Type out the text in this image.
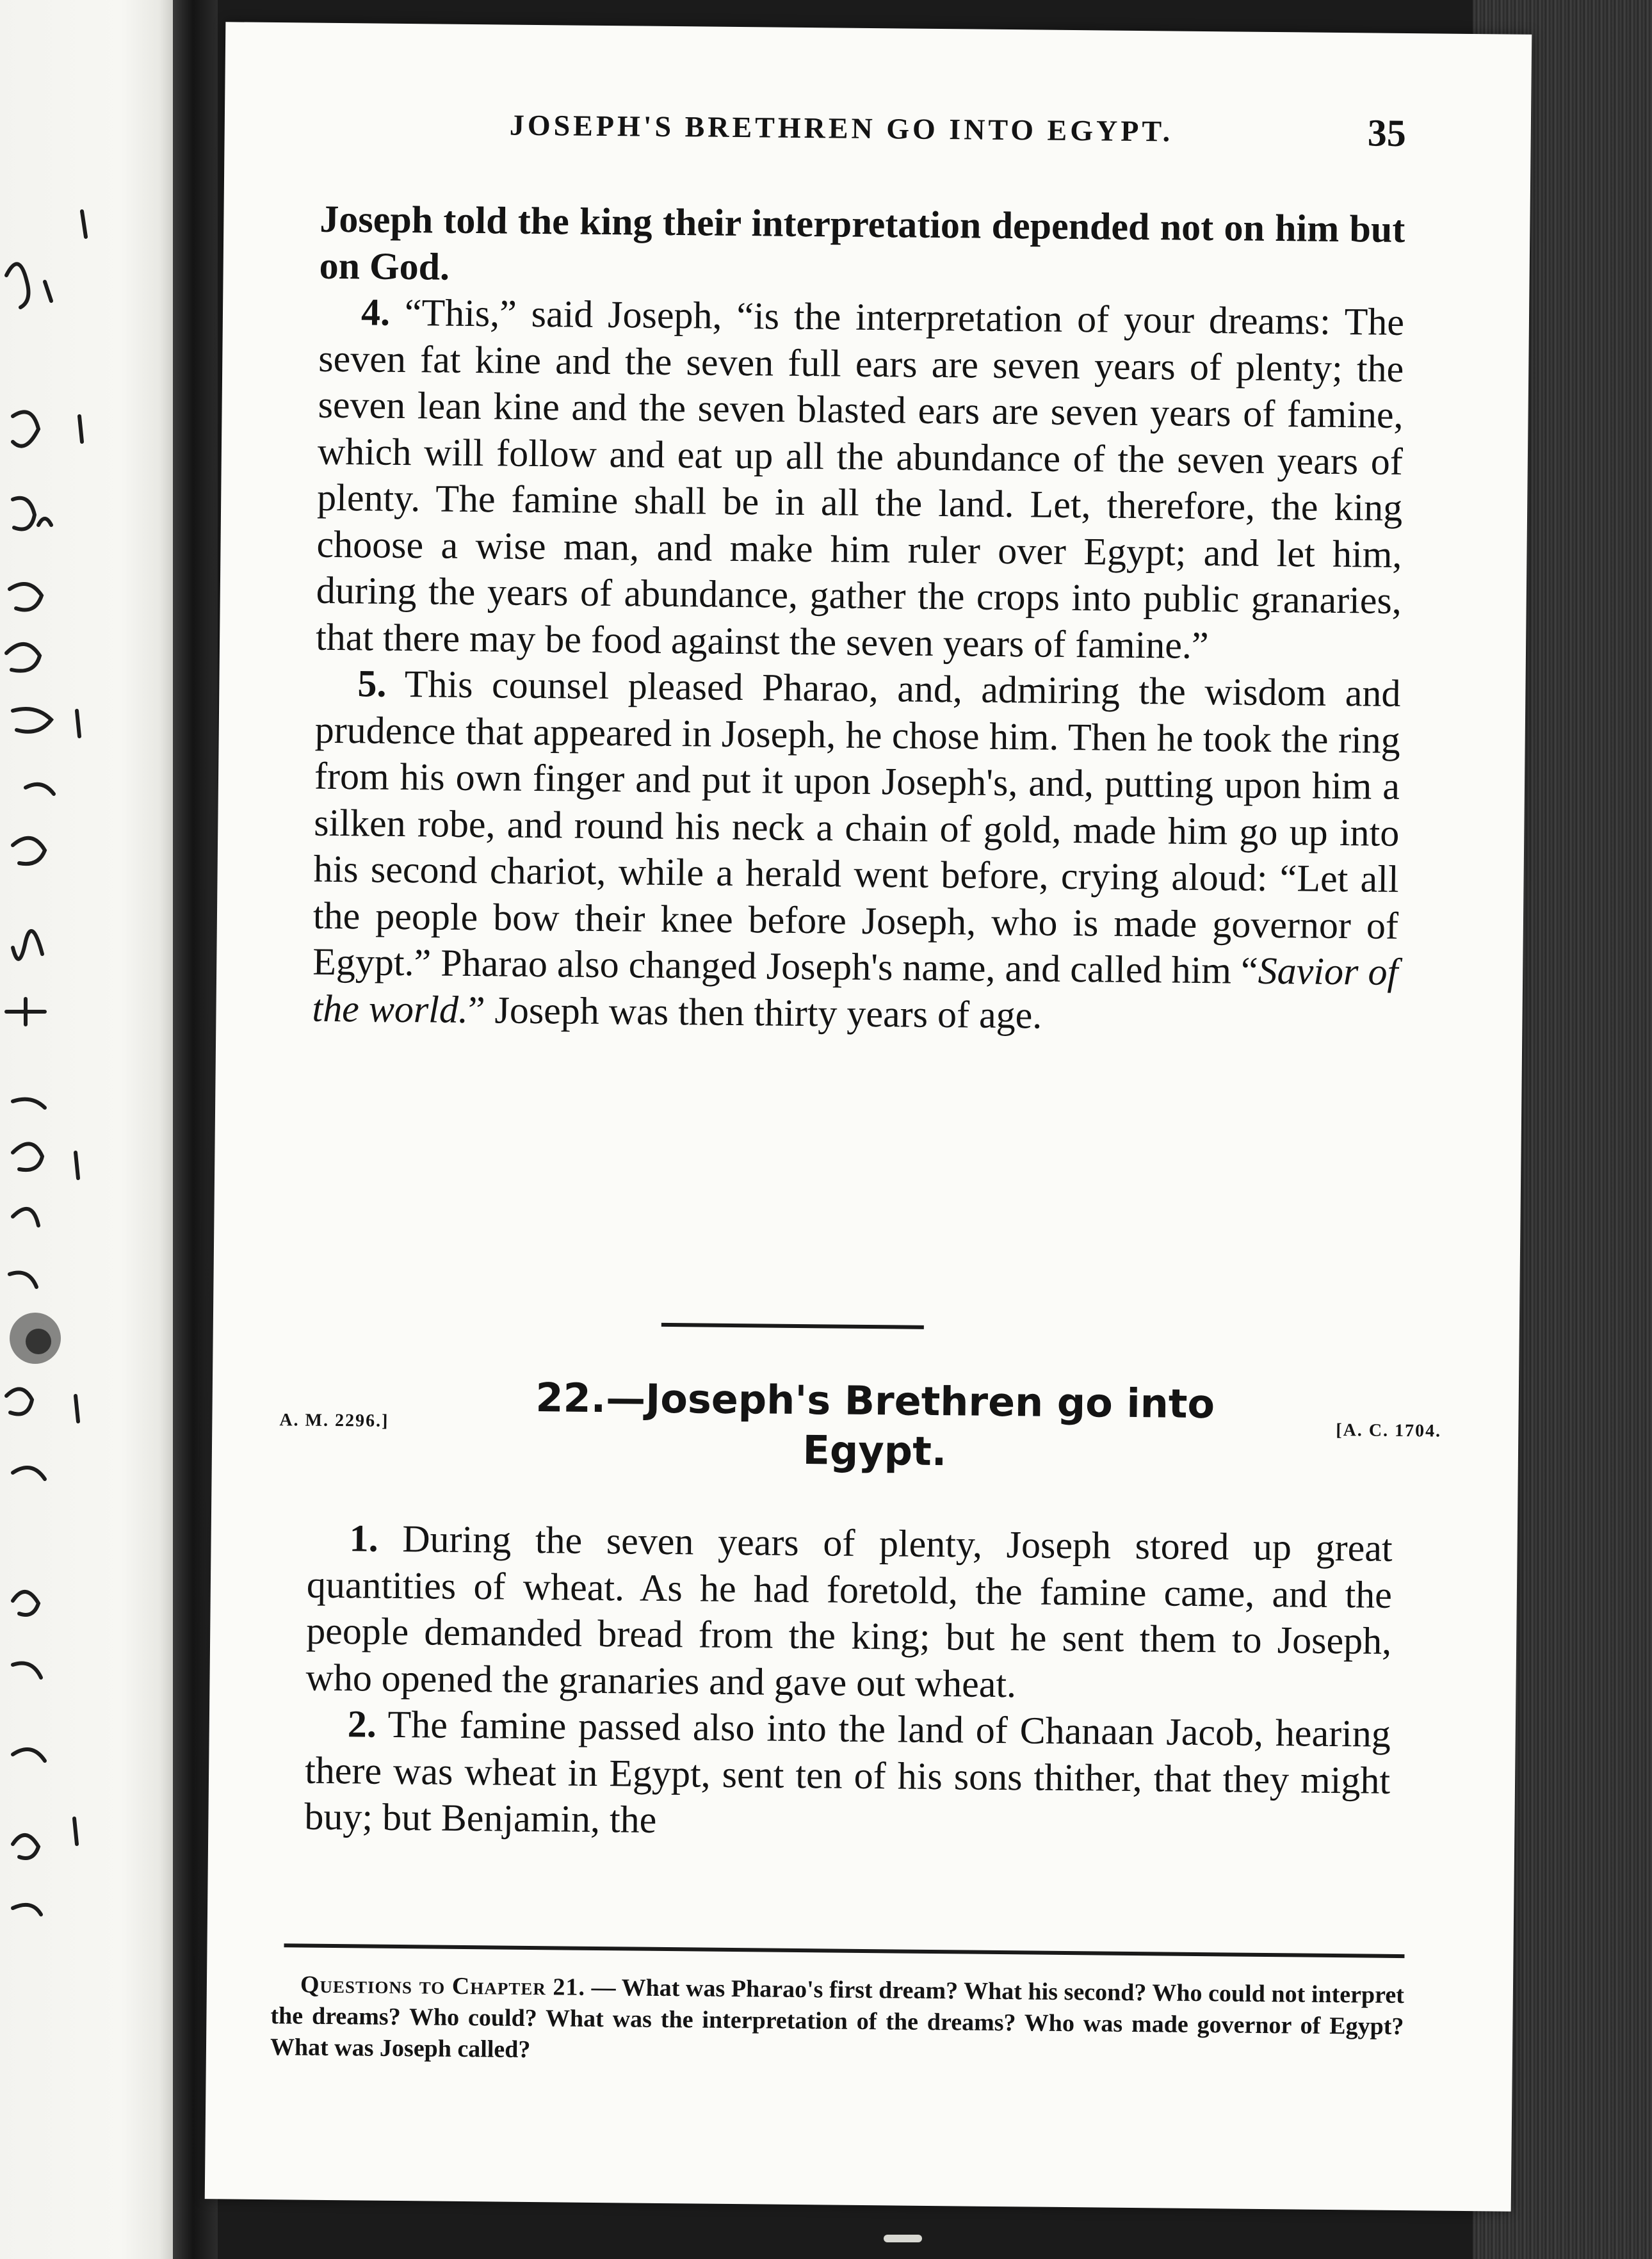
JOSEPH'S BRETHREN GO INTO EGYPT.	35

Joseph told the king their interpretation depended not on him but on God.

4. “This,” said Joseph, “is the interpretation of your dreams: The seven fat kine and the seven full ears are seven years of plenty; the seven lean kine and the seven blasted ears are seven years of famine, which will follow and eat up all the abundance of the seven years of plenty. The famine shall be in all the land. Let, therefore, the king choose a wise man, and make him ruler over Egypt; and let him, during the years of abundance, gather the crops into public granaries, that there may be food against the seven years of famine.”

5. This counsel pleased Pharao, and, admiring the wisdom and prudence that appeared in Joseph, he chose him. Then he took the ring from his own finger and put it upon Joseph's, and, putting upon him a silken robe, and round his neck a chain of gold, made him go up into his second chariot, while a herald went before, crying aloud: “Let all the people bow their knee before Joseph, who is made governor of Egypt.” Pharao also changed Joseph's name, and called him “Savior of the world.” Joseph was then thirty years of age.

A. M. 2296.]	22.—Joseph's Brethren go into
Egypt.	[A. C. 1704.

1. During the seven years of plenty, Joseph stored up great quantities of wheat. As he had foretold, the famine came, and the people demanded bread from the king; but he sent them to Joseph, who opened the granaries and gave out wheat.

2. The famine passed also into the land of Chanaan Jacob, hearing there was wheat in Egypt, sent ten of his sons thither, that they might buy; but Benjamin, the

Questions to Chapter 21. — What was Pharao's first dream? What his second? Who could not interpret the dreams? Who could? What was the interpretation of the dreams? Who was made governor of Egypt? What was Joseph called?
